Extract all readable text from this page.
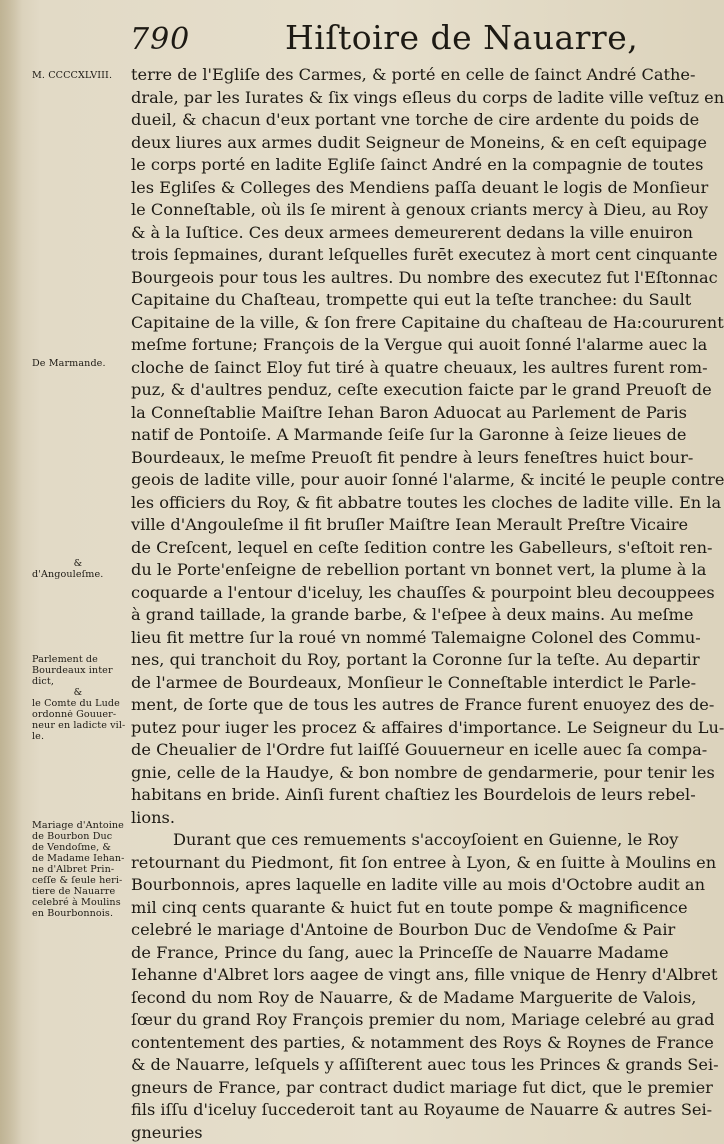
790	Hiſtoire de Nauarre,
M. CCCCXLVIII.
De Marmande.
&
d'Angouleſme.
Parlement de
Bourdeaux inter
dict,
&
le Comte du Lude
ordonnė Gouuer-
neur en ladicte vil-
le.
Mariage d'Antoine
de Bourbon Duc
de Vendoſme, &
de Madame Iehan-
ne d'Albret Prin-
ceſſe & ſeule heri-
tiere de Nauarre
celebré à Moulins
en Bourbonnois.
terre de l'Egliſe des Carmes, & porté en celle de ſainct André Cathe-
drale, par les Iurates & ſix vings eſleus du corps de ladite ville veſtuz en
dueil, & chacun d'eux portant vne torche de cire ardente du poids de
deux liures aux armes dudit Seigneur de Moneins, & en ceſt equipage
le corps porté en ladite Egliſe ſainct André en la compagnie de toutes
les Egliſes & Colleges des Mendiens paſſa deuant le logis de Monſieur
le Conneſtable, où ils ſe mirent à genoux criants mercy à Dieu, au Roy
& à la Iuſtice. Ces deux armees demeurerent dedans la ville enuiron
trois ſepmaines, durant leſquelles furēt executez à mort cent cinquante
Bourgeois pour tous les aultres. Du nombre des executez fut l'Eſtonnac
Capitaine du Chaſteau, trompette qui eut la teſte tranchee: du Sault
Capitaine de la ville, & ſon frere Capitaine du chaſteau de Ha:coururent
meſme fortune; François de la Vergue qui auoit ſonné l'alarme auec la
cloche de ſainct Eloy fut tiré à quatre cheuaux, les aultres furent rom-
puz, & d'aultres penduz, ceſte execution faicte par le grand Preuoſt de
la Conneſtablie Maiſtre Iehan Baron Aduocat au Parlement de Paris
natif de Pontoiſe. A Marmande ſeiſe ſur la Garonne à ſeize lieues de
Bourdeaux, le meſme Preuoſt fit pendre à leurs feneſtres huict bour-
geois de ladite ville, pour auoir ſonné l'alarme, & incité le peuple contre
les officiers du Roy, & fit abbatre toutes les cloches de ladite ville. En la
ville d'Angouleſme il fit bruſler Maiſtre Iean Merault Preſtre Vicaire
de Creſcent, lequel en ceſte ſedition contre les Gabelleurs, s'eſtoit ren-
du le Porte'enſeigne de rebellion portant vn bonnet vert, la plume à la
coquarde a l'entour d'iceluy, les chauſſes & pourpoint bleu decouppees
à grand taillade, la grande barbe, & l'eſpee à deux mains. Au meſme
lieu fit mettre ſur la roué vn nommé Talemaigne Colonel des Commu-
nes, qui tranchoit du Roy, portant la Coronne ſur la teſte. Au departir
de l'armee de Bourdeaux, Monſieur le Conneſtable interdict le Parle-
ment, de ſorte que de tous les autres de France furent enuoyez des de-
putez pour iuger les procez & affaires d'importance. Le Seigneur du Lu-
de Cheualier de l'Ordre fut laiſſé Gouuerneur en icelle auec ſa compa-
gnie, celle de la Haudye, & bon nombre de gendarmerie, pour tenir les
habitans en bride. Ainſi furent chaſtiez les Bourdelois de leurs rebel-
lions.
Durant que ces remuements s'accoyſoient en Guienne, le Roy
retournant du Piedmont, fit ſon entree à Lyon, & en ſuitte à Moulins en
Bourbonnois, apres laquelle en ladite ville au mois d'Octobre audit an
mil cinq cents quarante & huict fut en toute pompe & magnificence
celebré le mariage d'Antoine de Bourbon Duc de Vendoſme & Pair
de France, Prince du ſang, auec la Princeſſe de Nauarre Madame
Iehanne d'Albret lors aagee de vingt ans, fille vnique de Henry d'Albret
ſecond du nom Roy de Nauarre, & de Madame Marguerite de Valois,
ſœur du grand Roy François premier du nom, Mariage celebré au grad
contentement des parties, & notamment des Roys & Roynes de France
& de Nauarre, leſquels y aſſiſterent auec tous les Princes & grands Sei-
gneurs de France, par contract dudict mariage fut dict, que le premier
fils iſſu d'iceluy ſuccederoit tant au Royaume de Nauarre & autres Sei-
gneuries
